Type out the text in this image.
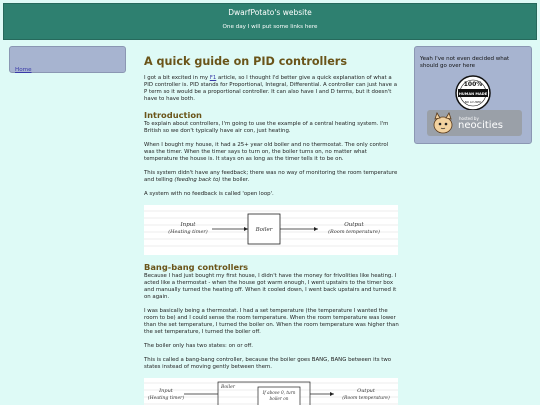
DwarfPotato's website
One day I will put some links here
Home
Yeah I've not even decided what should go over here
100%
HUMAN MADE
NO AI USED
hosted by
neocities
A quick guide on PID controllers

I got a bit excited in my F1 article, so I thought I'd better give a quick explanation of what a PID controller is. PID stands for Proportional, Integral, Differential. A controller can just have a P term so it would be a proportional controller. It can also have I and D terms, but it doesn't have to have both.

Introduction

To explain about controllers, I'm going to use the example of a central heating system. I'm British so we don't typically have air con, just heating.

When I bought my house, it had a 25+ year old boiler and no thermostat. The only control was the timer. When the timer says to turn on, the boiler turns on, no matter what temperature the house is. It stays on as long as the timer tells it to be on.

This system didn't have any feedback; there was no way of monitoring the room temperature and telling (feeding back to) the boiler.

A system with no feedback is called 'open loop'.

Input
(Heating timer)	Boiler
Output
(Room temperature)
Bang-bang controllers

Because I had just bought my first house, I didn't have the money for frivolities like heating. I acted like a thermostat - when the house got warm enough, I went upstairs to the timer box and manually turned the heating off. When it cooled down, I went back upstairs and turned it on again.

I was basically being a thermostat. I had a set temperature (the temperature I wanted the room to be) and I could sense the room temperature. When the room temperature was lower than the set temperature, I turned the boiler on. When the room temperature was higher than the set temperature, I turned the boiler off.

The boiler only has two states: on or off.

This is called a bang-bang controller, because the boiler goes BANG, BANG between its two states instead of moving gently between them.

Input
(Heating timer)
Boiler
If above 0, turn
boiler on
Output
(Room temperature)
